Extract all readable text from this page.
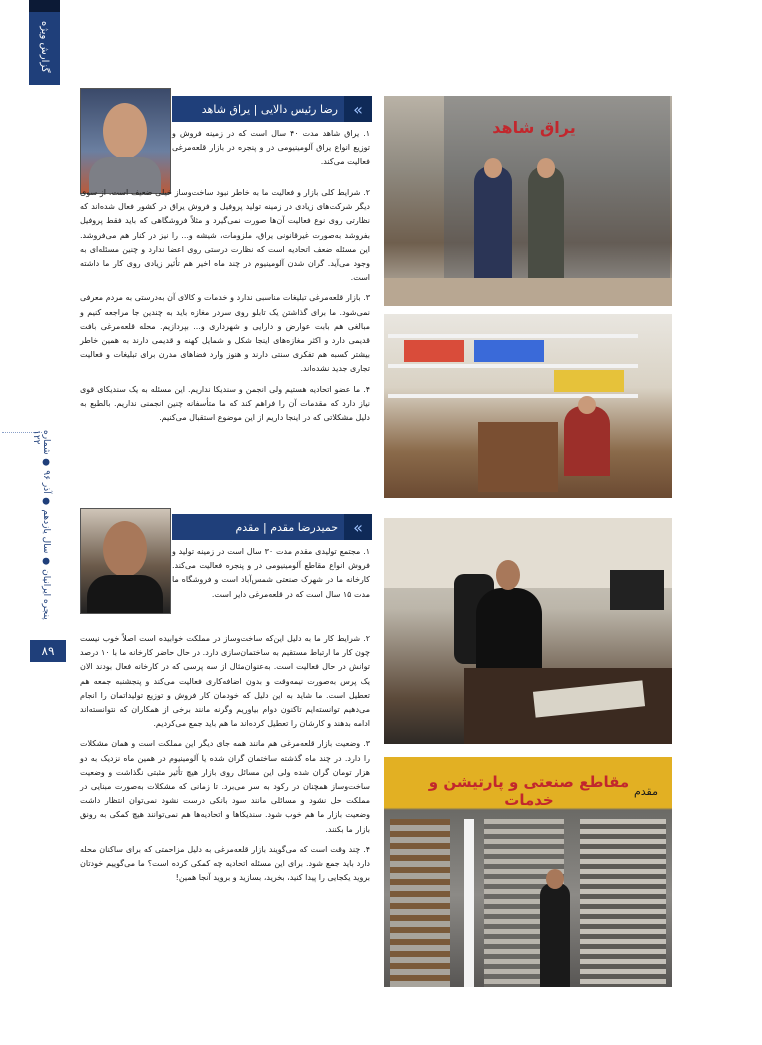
گزارش ویژه
پنجره ایرانیان ● سال یازدهم ● آذر ۹۶ ● شماره ۱۲۲
۸۹
رضا رئیس دالایی | یراق شاهد »

۱. یراق شاهد مدت ۴۰ سال است که در زمینه فروش و توزیع انواع یراق آلومینیومی در و پنجره در بازار قلعه‌مرغی فعالیت می‌کند.

۲. شرایط کلی بازار و فعالیت ما به خاطر نبود ساخت‌وساز خیلی ضعیف است. از سوی دیگر شرکت‌های زیادی در زمینه تولید پروفیل و فروش یراق در کشور فعال شده‌اند که نظارتی روی نوع فعالیت آن‌ها صورت نمی‌گیرد و مثلاً فروشگاهی که باید فقط پروفیل بفروشد به‌صورت غیرقانونی یراق، ملزومات، شیشه و... را نیز در کنار هم می‌فروشد. این مسئله ضعف اتحادیه است که نظارت درستی روی اعضا ندارد و چنین مسئله‌ای به وجود می‌آید. گران شدن آلومینیوم در چند ماه اخیر هم تأثیر زیادی روی کار ما داشته است.

۳. بازار قلعه‌مرغی تبلیغات مناسبی ندارد و خدمات و کالای آن به‌درستی به مردم معرفی نمی‌شود. ما برای گذاشتن یک تابلو روی سردر مغازه باید به چندین جا مراجعه کنیم و مبالغی هم بابت عوارض و دارایی و شهرداری و... بپردازیم. محله قلعه‌مرغی بافت قدیمی دارد و اکثر مغازه‌های اینجا شکل و شمایل کهنه و قدیمی دارند به همین خاطر بیشتر کسبه هم تفکری سنتی دارند و هنوز وارد فضاهای مدرن برای تبلیغات و فعالیت تجاری جدید نشده‌اند.

۴. ما عضو اتحادیه هستیم ولی انجمن و سندیکا نداریم. این مسئله به یک سندیکای قوی نیاز دارد که مقدمات آن را فراهم کند که ما متأسفانه چنین انجمنی نداریم. بالطبع به دلیل مشکلاتی که در اینجا داریم از این موضوع استقبال می‌کنیم.

یراق شاهد
حمیدرضا مقدم | مقدم »

۱. مجتمع تولیدی مقدم مدت ۳۰ سال است در زمینه تولید و فروش انواع مقاطع آلومینیومی در و پنجره فعالیت می‌کند. کارخانه ما در شهرک صنعتی شمس‌آباد است و فروشگاه ما مدت ۱۵ سال است که در قلعه‌مرغی دایر است.

۲. شرایط کار ما به دلیل این‌که ساخت‌وساز در مملکت خوابیده است اصلاً خوب نیست چون کار ما ارتباط مستقیم به ساختمان‌سازی دارد. در حال حاضر کارخانه ما با ۱۰ درصد توانش در حال فعالیت است. به‌عنوان‌مثال از سه پرسی که در کارخانه فعال بودند الان یک پرس به‌صورت نیمه‌وقت و بدون اضافه‌کاری فعالیت می‌کند و پنجشنبه جمعه هم تعطیل است. ما شاید به این دلیل که خودمان کار فروش و توزیع تولیداتمان را انجام می‌دهیم توانسته‌ایم تاکنون دوام بیاوریم وگرنه مانند برخی از همکاران که نتوانسته‌اند ادامه بدهند و کارشان را تعطیل کرده‌اند ما هم باید جمع می‌کردیم.

۳. وضعیت بازار قلعه‌مرغی هم مانند همه جای دیگر این مملکت است و همان مشکلات را دارد. در چند ماه گذشته ساختمان گران شده یا آلومینیوم در همین ماه نزدیک به دو هزار تومان گران شده ولی این مسائل روی بازار هیچ تأثیر مثبتی نگذاشت و وضعیت ساخت‌وساز همچنان در رکود به سر می‌برد. تا زمانی که مشکلات به‌صورت مبنایی در مملکت حل نشود و مسائلی مانند سود بانکی درست نشود نمی‌توان انتظار داشت وضعیت بازار ما هم خوب شود. سندیکاها و اتحادیه‌ها هم نمی‌توانند هیچ کمکی به رونق بازار ما بکنند.

۴. چند وقت است که می‌گویند بازار قلعه‌مرغی به دلیل مزاحمتی که برای ساکنان محله دارد باید جمع شود. برای این مسئله اتحادیه چه کمکی کرده است؟ ما می‌گوییم خودتان بروید یکجایی را پیدا کنید، بخرید، بسازید و بروید آنجا همین!

مقاطع صنعتی و پارتیشن و خدمات	مقدم
